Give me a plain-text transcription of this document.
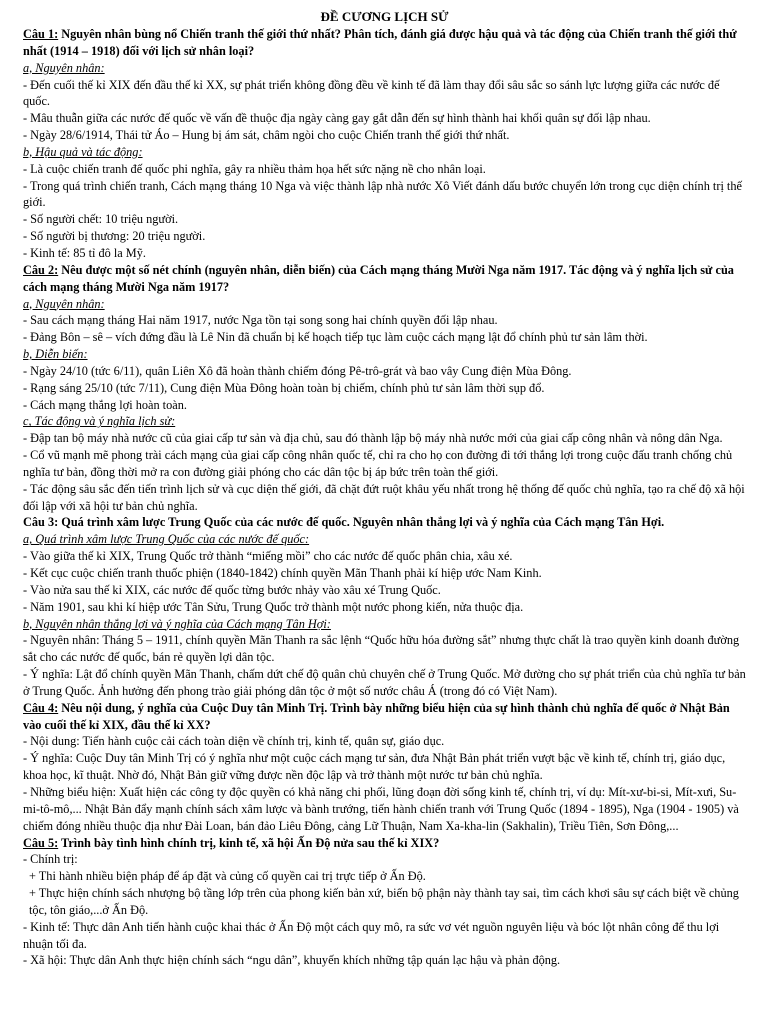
ĐỀ CƯƠNG LỊCH SỬ

Câu 1: Nguyên nhân bùng nổ Chiến tranh thế giới thứ nhất? Phân tích, đánh giá được hậu quả và tác động của Chiến tranh thế giới thứ nhất (1914 – 1918) đối với lịch sử nhân loại?

a, Nguyên nhân:

- Đến cuối thế kỉ XIX đến đầu thế kỉ XX, sự phát triển không đồng đều về kinh tế đã làm thay đổi sâu sắc so sánh lực lượng giữa các nước đế quốc.

- Mâu thuẫn giữa các nước đế quốc về vấn đề thuộc địa ngày càng gay gắt dẫn đến sự hình thành hai khối quân sự đối lập nhau.

- Ngày 28/6/1914, Thái tử Áo – Hung bị ám sát, châm ngòi cho cuộc Chiến tranh thế giới thứ nhất.

b, Hậu quả và tác động:

- Là cuộc chiến tranh đế quốc phi nghĩa, gây ra nhiều thảm họa hết sức nặng nề cho nhân loại.

- Trong quá trình chiến tranh, Cách mạng tháng 10 Nga và việc thành lập nhà nước Xô Viết đánh dấu bước chuyển lớn trong cục diện chính trị thế giới.

- Số người chết: 10 triệu người.

- Số người bị thương: 20 triệu người.

- Kinh tế: 85 tỉ đô la Mỹ.

Câu 2: Nêu được một số nét chính (nguyên nhân, diễn biến) của Cách mạng tháng Mười Nga năm 1917. Tác động và ý nghĩa lịch sử của cách mạng tháng Mười Nga năm 1917?

a, Nguyên nhân:

- Sau cách mạng tháng Hai năm 1917, nước Nga tồn tại song song hai chính quyền đối lập nhau.

- Đảng Bôn – sê – vích đứng đầu là Lê Nin đã chuẩn bị kế hoạch tiếp tục làm cuộc cách mạng lật đổ chính phủ tư sản lâm thời.

b, Diễn biến:

- Ngày 24/10 (tức 6/11), quân Liên Xô đã hoàn thành chiếm đóng Pê-trô-grát và bao vây Cung điện Mùa Đông.

- Rạng sáng 25/10 (tức 7/11), Cung điện Mùa Đông hoàn toàn bị chiếm, chính phủ tư sản lâm thời sụp đổ.

- Cách mạng thắng lợi hoàn toàn.

c, Tác động và ý nghĩa lịch sử:

- Đập tan bộ máy nhà nước cũ của giai cấp tư sản và địa chủ, sau đó thành lập bộ máy nhà nước mới của giai cấp công nhân và nông dân Nga.

- Cổ vũ mạnh mẽ phong trài cách mạng của giai cấp công nhân quốc tế, chỉ ra cho họ con đường đi tới thắng lợi trong cuộc đấu tranh chống chủ nghĩa tư bản, đồng thời mở ra con đường giải phóng cho các dân tộc bị áp bức trên toàn thế giới.

- Tác động sâu sắc đến tiến trình lịch sử và cục diện thế giới, đã chặt đứt ruột khâu yếu nhất trong hệ thống đế quốc chủ nghĩa, tạo ra chế độ xã hội đối lập với xã hội tư bản chủ nghĩa.

Câu 3: Quá trình xâm lược Trung Quốc của các nước đế quốc. Nguyên nhân thắng lợi và ý nghĩa của Cách mạng Tân Hợi.

a, Quá trình xâm lược Trung Quốc của các nước đế quốc:

- Vào giữa thế kỉ XIX, Trung Quốc trở thành “miếng mồi” cho các nước đế quốc phân chia, xâu xé.

- Kết cục cuộc chiến tranh thuốc phiện (1840-1842) chính quyền Mãn Thanh phải kí hiệp ước Nam Kinh.

- Vào nửa sau thế kỉ XIX, các nước đế quốc từng bước nhảy vào xâu xé Trung Quốc.

- Năm 1901, sau khi kí hiệp ước Tân Sửu, Trung Quốc trở thành một nước phong kiến, nửa thuộc địa.

b, Nguyên nhân thắng lợi và ý nghĩa của Cách mạng Tân Hợi:

- Nguyên nhân: Tháng 5 – 1911, chính quyền Mãn Thanh ra sắc lệnh “Quốc hữu hóa đường sắt” nhưng thực chất là trao quyền kinh doanh đường sắt cho các nước đế quốc, bán rẻ quyền lợi dân tộc.

- Ý nghĩa: Lật đổ chính quyền Mãn Thanh, chấm dứt chế độ quân chủ chuyên chế ở Trung Quốc. Mở đường cho sự phát triển của chủ nghĩa tư bản ở Trung Quốc. Ảnh hưởng đến phong trào giải phóng dân tộc ở một số nước châu Á (trong đó có Việt Nam).

Câu 4: Nêu nội dung, ý nghĩa của Cuộc Duy tân Minh Trị. Trình bày những biểu hiện của sự hình thành chủ nghĩa đế quốc ở Nhật Bản vào cuối thế kỉ XIX, đầu thế kỉ XX?

- Nội dung: Tiến hành cuộc cải cách toàn diện về chính trị, kinh tế, quân sự, giáo dục.

- Ý nghĩa: Cuộc Duy tân Minh Trị có ý nghĩa như một cuộc cách mạng tư sản, đưa Nhật Bản phát triển vượt bậc về kinh tế, chính trị, giáo dục, khoa học, kĩ thuật. Nhờ đó, Nhật Bản giữ vững được nền độc lập và trở thành một nước tư bản chủ nghĩa.

- Những biểu hiện: Xuất hiện các công ty độc quyền có khả năng chi phối, lũng đoạn đời sống kinh tế, chính trị, ví dụ: Mít-xư-bi-si, Mít-xưi, Su-mi-tô-mô,... Nhật Bản đẩy mạnh chính sách xâm lược và bành trướng, tiến hành chiến tranh với Trung Quốc (1894 - 1895), Nga (1904 - 1905) và chiếm đóng nhiều thuộc địa như Đài Loan, bán đảo Liêu Đông, cảng Lữ Thuận, Nam Xa-kha-lin (Sakhalin), Triều Tiên, Sơn Đông,...

Câu 5: Trình bày tình hình chính trị, kinh tế, xã hội Ấn Độ nửa sau thế kỉ XIX?

- Chính trị:

+ Thi hành nhiều biện pháp để áp đặt và củng cố quyền cai trị trực tiếp ở Ấn Độ.

+ Thực hiện chính sách nhượng bộ tầng lớp trên của phong kiến bản xứ, biến bộ phận này thành tay sai, tìm cách khơi sâu sự cách biệt về chủng tộc, tôn giáo,...ở Ấn Độ.

- Kinh tế: Thực dân Anh tiến hành cuộc khai thác ở Ấn Độ một cách quy mô, ra sức vơ vét nguồn nguyên liệu và bóc lột nhân công để thu lợi nhuận tối đa.

- Xã hội: Thực dân Anh thực hiện chính sách “ngu dân”, khuyến khích những tập quán lạc hậu và phản động.
